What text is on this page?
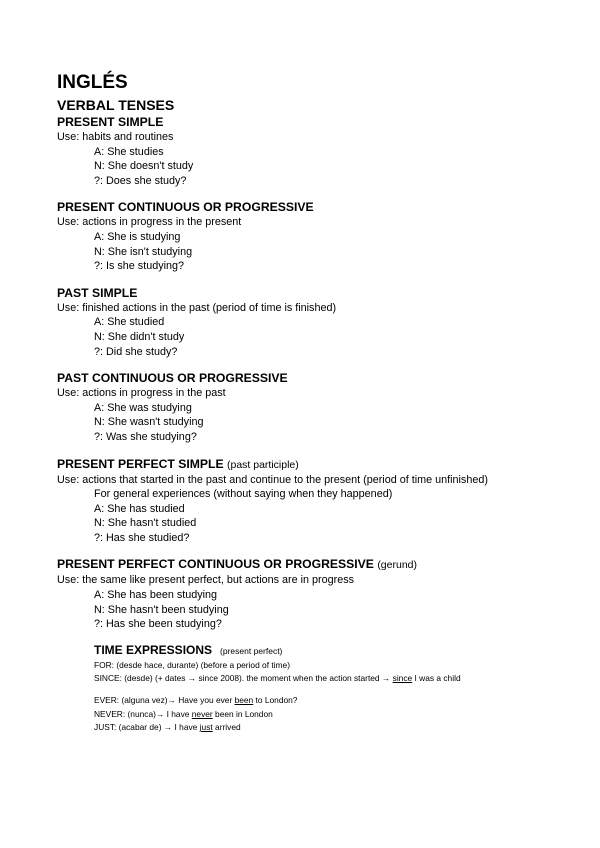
INGLÉS
VERBAL TENSES
PRESENT SIMPLE
Use: habits and routines
A: She studies
N: She doesn't study
?: Does she study?
PRESENT CONTINUOUS OR PROGRESSIVE
Use: actions in progress in the present
A: She is studying
N: She isn't studying
?: Is she studying?
PAST SIMPLE
Use: finished actions in the past (period of time is finished)
A: She studied
N: She didn't study
?: Did she study?
PAST CONTINUOUS OR PROGRESSIVE
Use: actions in progress in the past
A: She was studying
N: She wasn't studying
?: Was she studying?
PRESENT PERFECT SIMPLE (past participle)
Use: actions that started in the past and continue to the present (period of time unfinished)
For general experiences (without saying when they happened)
A: She has studied
N: She hasn't studied
?: Has she studied?
PRESENT PERFECT CONTINUOUS OR PROGRESSIVE (gerund)
Use: the same like present perfect, but actions are in progress
A: She has been studying
N: She hasn't been studying
?: Has she been studying?
TIME EXPRESSIONS (present perfect)
FOR: (desde hace, durante) (before a period of time)
SINCE: (desde) (+ dates → since 2008). the moment when the action started → since I was a child
EVER: (alguna vez)→ Have you ever been to London?
NEVER: (nunca)→ I have never been in London
JUST: (acabar de) → I have just arrived
